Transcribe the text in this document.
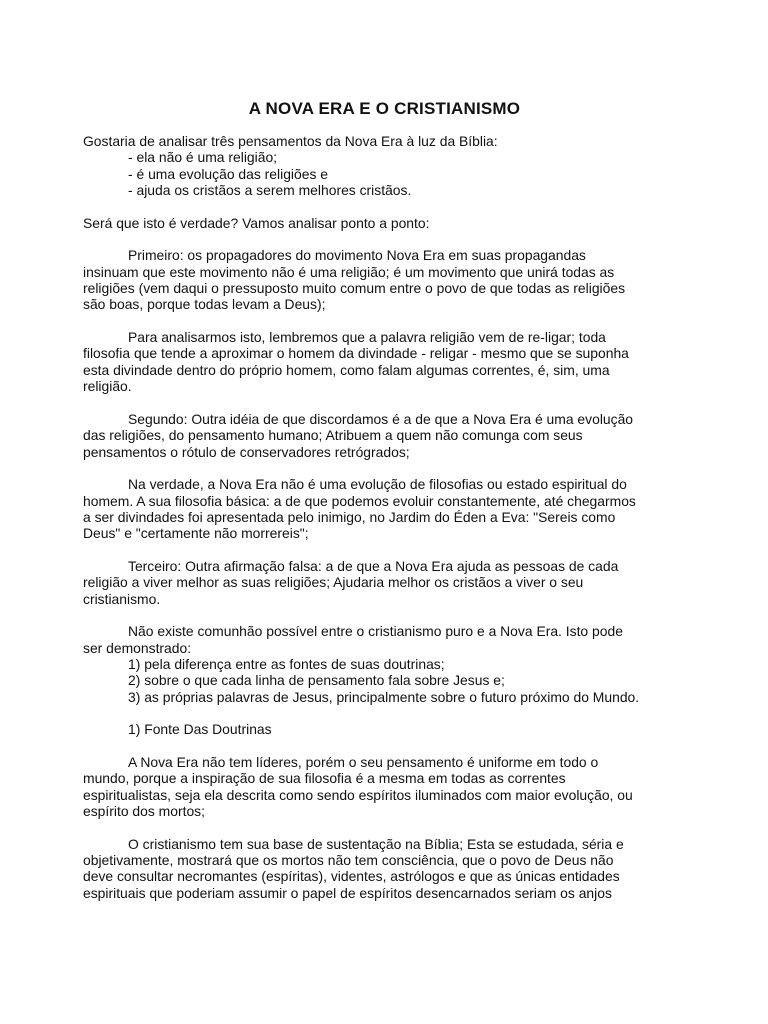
A NOVA ERA E O CRISTIANISMO
Gostaria de analisar três pensamentos da Nova Era à luz da Bíblia:
- ela não é uma religião;
- é uma evolução das religiões e
- ajuda os cristãos a serem melhores cristãos.
Será que isto é verdade? Vamos analisar ponto a ponto:
Primeiro: os propagadores do movimento Nova Era em suas propagandas
insinuam que este movimento não é uma religião; é um movimento que unirá todas as
religiões (vem daqui o pressuposto muito comum entre o povo de que todas as religiões
são boas, porque todas levam a Deus);
Para analisarmos isto, lembremos que a palavra religião vem de re-ligar; toda
filosofia que tende a aproximar o homem da divindade - religar - mesmo que se suponha
esta divindade dentro do próprio homem, como falam algumas correntes, é, sim, uma
religião.
Segundo: Outra idéia de que discordamos é a de que a Nova Era é uma evolução
das religiões, do pensamento humano; Atribuem a quem não comunga com seus
pensamentos o rótulo de conservadores retrógrados;
Na verdade, a Nova Era não é uma evolução de filosofias ou estado espiritual do
homem. A sua filosofia básica: a de que podemos evoluir constantemente, até chegarmos
a ser divindades foi apresentada pelo inimigo, no Jardim do Éden a Eva: "Sereis como
Deus" e "certamente não morrereis";
Terceiro: Outra afirmação falsa: a de que a Nova Era ajuda as pessoas de cada
religião a viver melhor as suas religiões; Ajudaria melhor os cristãos a viver o seu
cristianismo.
Não existe comunhão possível entre o cristianismo puro e a Nova Era. Isto pode
ser demonstrado:
1) pela diferença entre as fontes de suas doutrinas;
2) sobre o que cada linha de pensamento fala sobre Jesus e;
3) as próprias palavras de Jesus, principalmente sobre o futuro próximo do Mundo.
1) Fonte Das Doutrinas
A Nova Era não tem líderes, porém o seu pensamento é uniforme em todo o
mundo, porque a inspiração de sua filosofia é a mesma em todas as correntes
espiritualistas, seja ela descrita como sendo espíritos iluminados com maior evolução, ou
espírito dos mortos;
O cristianismo tem sua base de sustentação na Bíblia; Esta se estudada, séria e
objetivamente, mostrará que os mortos não tem consciência, que o povo de Deus não
deve consultar necromantes (espíritas), videntes, astrólogos e que as únicas entidades
espirituais que poderiam assumir o papel de espíritos desencarnados seriam os anjos
